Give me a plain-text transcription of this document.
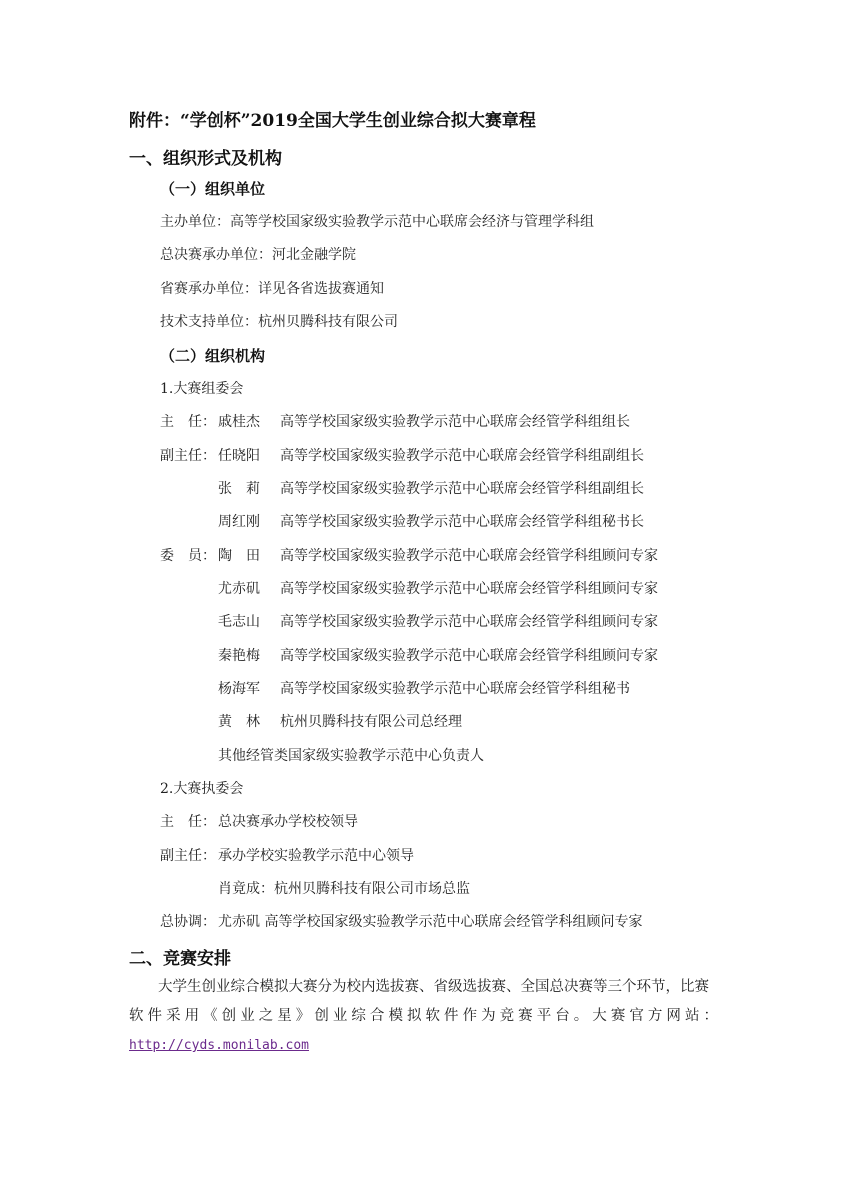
附件：“学创杯”2019全国大学生创业综合拟大赛章程
一、组织形式及机构
（一）组织单位
主办单位：高等学校国家级实验教学示范中心联席会经济与管理学科组
总决赛承办单位：河北金融学院
省赛承办单位：详见各省选拔赛通知
技术支持单位：杭州贝腾科技有限公司
（二）组织机构
1.大赛组委会
主　任： 戚桂杰 高等学校国家级实验教学示范中心联席会经管学科组组长
副主任： 任晓阳 高等学校国家级实验教学示范中心联席会经管学科组副组长
张　莉 高等学校国家级实验教学示范中心联席会经管学科组副组长
周红刚 高等学校国家级实验教学示范中心联席会经管学科组秘书长
委　员： 陶　田 高等学校国家级实验教学示范中心联席会经管学科组顾问专家
尤赤矶 高等学校国家级实验教学示范中心联席会经管学科组顾问专家
毛志山 高等学校国家级实验教学示范中心联席会经管学科组顾问专家
秦艳梅 高等学校国家级实验教学示范中心联席会经管学科组顾问专家
杨海军 高等学校国家级实验教学示范中心联席会经管学科组秘书
黄　林 杭州贝腾科技有限公司总经理
其他经管类国家级实验教学示范中心负责人
2.大赛执委会
主　任： 总决赛承办学校校领导
副主任： 承办学校实验教学示范中心领导
肖竟成：杭州贝腾科技有限公司市场总监
总协调： 尤赤矶 高等学校国家级实验教学示范中心联席会经管学科组顾问专家
二、竞赛安排
大学生创业综合模拟大赛分为校内选拔赛、省级选拔赛、全国总决赛等三个环节，比赛
软件采用《创业之星》创业综合模拟软件作为竞赛平台。大赛官方网站：
http://cyds.monilab.com
